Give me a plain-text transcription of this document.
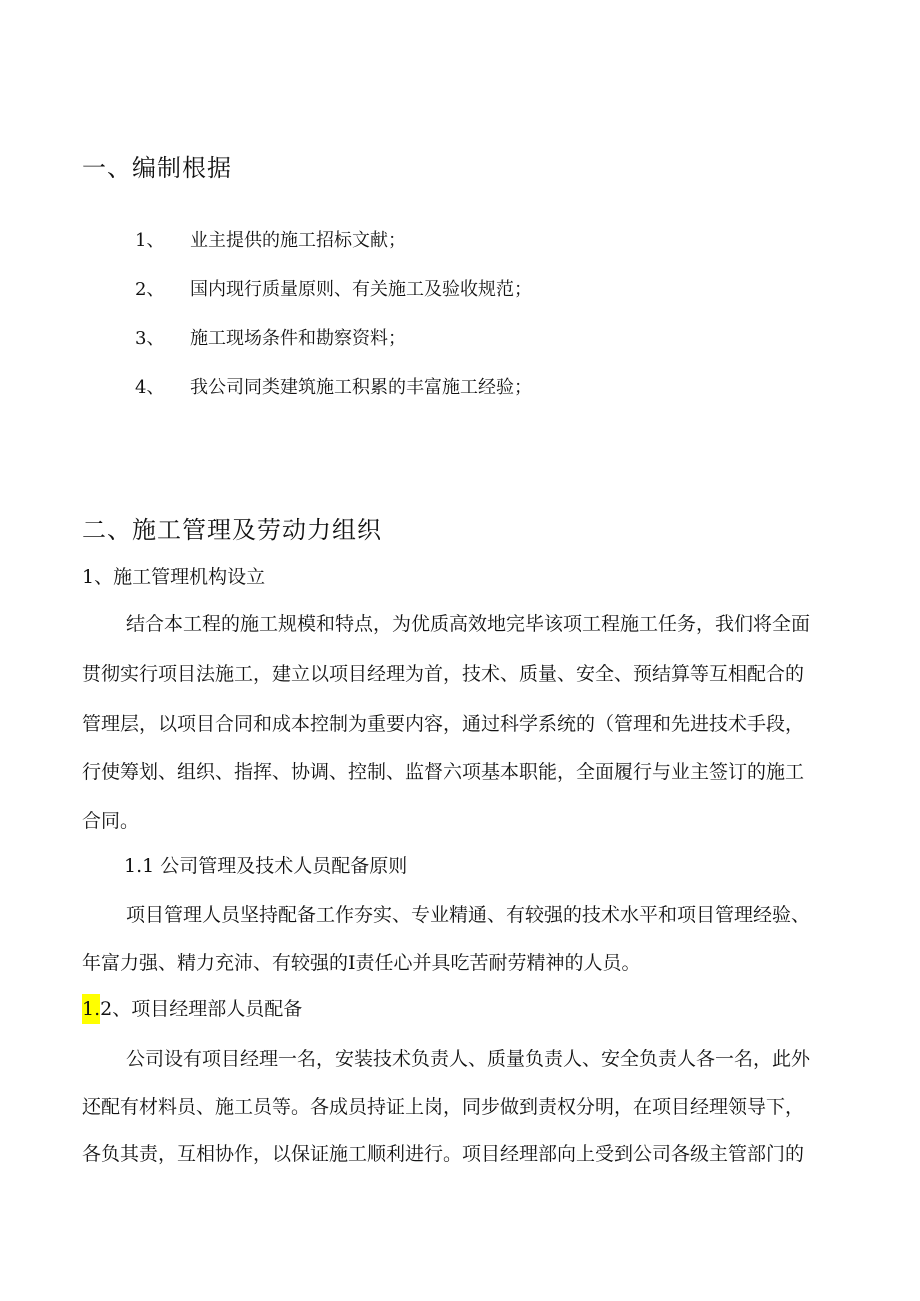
一、编制根据
1、 业主提供的施工招标文献；
2、 国内现行质量原则、有关施工及验收规范；
3、 施工现场条件和勘察资料；
4、 我公司同类建筑施工积累的丰富施工经验；
二、施工管理及劳动力组织
1、施工管理机构设立
结合本工程的施工规模和特点，为优质高效地完毕该项工程施工任务，我们将全面
贯彻实行项目法施工，建立以项目经理为首，技术、质量、安全、预结算等互相配合的
管理层，以项目合同和成本控制为重要内容，通过科学系统的（管理和先进技术手段，
行使筹划、组织、指挥、协调、控制、监督六项基本职能，全面履行与业主签订的施工
合同。
1.1 公司管理及技术人员配备原则
项目管理人员坚持配备工作夯实、专业精通、有较强的技术水平和项目管理经验、
年富力强、精力充沛、有较强的I责任心并具吃苦耐劳精神的人员。
1.2、项目经理部人员配备
公司设有项目经理一名，安装技术负责人、质量负责人、安全负责人各一名，此外
还配有材料员、施工员等。各成员持证上岗，同步做到责权分明，在项目经理领导下，
各负其责，互相协作，以保证施工顺利进行。项目经理部向上受到公司各级主管部门的
